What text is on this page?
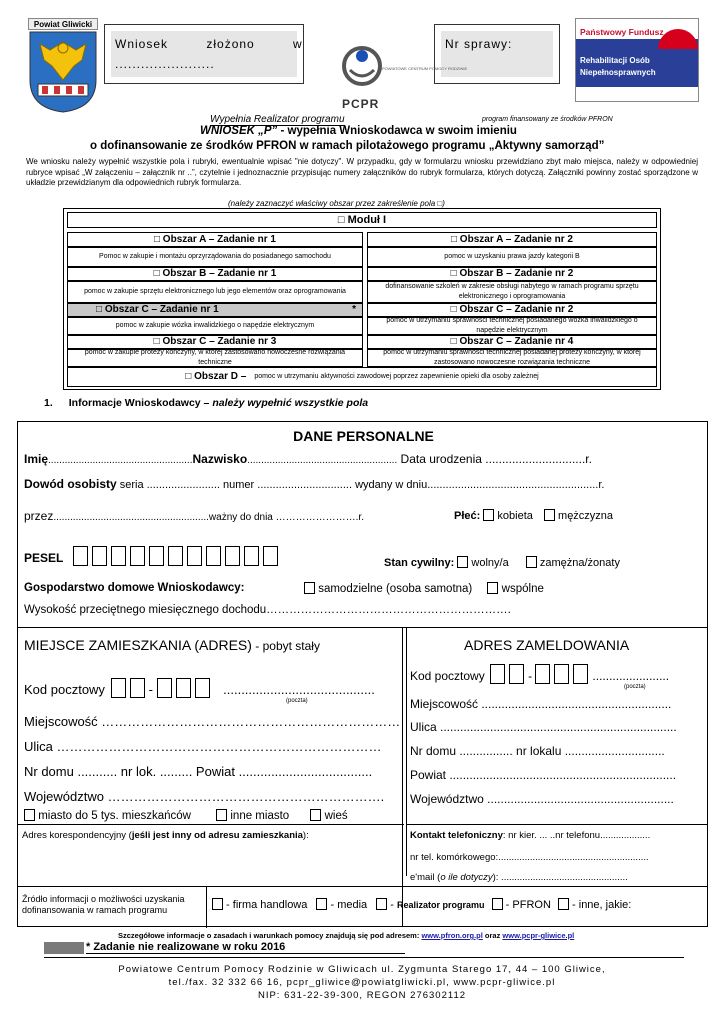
Powiat Gliwicki
Wniosek złożono w
.......................
Nr sprawy:
POWIATOWE CENTRUM POMOCY RODZINIE
PCPR
Państwowy Fundusz
Rehabilitacji Osób
Niepełnosprawnych
Wypełnia Realizator programu	program finansowany ze środków PFRON
WNIOSEK „P” - wypełnia Wnioskodawca w swoim imieniu
o dofinansowanie ze środków PFRON w ramach pilotażowego programu „Aktywny samorząd”
We wniosku należy wypełnić wszystkie pola i rubryki, ewentualnie wpisać "nie dotyczy". W przypadku, gdy w formularzu wniosku przewidziano zbyt mało miejsca, należy w odpowiedniej rubryce wpisać „W załączeniu – załącznik nr ..”, czytelnie i jednoznacznie przypisując numery załączników do rubryk formularza, których dotyczą. Załączniki powinny zostać sporządzone w układzie przewidzianym dla odpowiednich rubryk formularza.
(należy zaznaczyć właściwy obszar przez zakreślenie pola □)
□ Moduł I
□ Obszar A – Zadanie nr 1	□ Obszar A – Zadanie nr 2
Pomoc w zakupie i montażu oprzyrządowania do posiadanego samochodu	pomoc w uzyskaniu prawa jazdy kategorii B
□ Obszar B – Zadanie nr 1	□ Obszar B – Zadanie nr 2
pomoc w zakupie sprzętu elektronicznego lub jego elementów oraz oprogramowania
dofinansowanie szkoleń w zakresie obsługi nabytego w ramach programu sprzętu elektronicznego i oprogramowania
□ Obszar C – Zadanie nr 1	*	□ Obszar C – Zadanie nr 2
pomoc w zakupie wózka inwalidzkiego o napędzie elektrycznym
pomoc w utrzymaniu sprawności technicznej posiadanego wózka inwalidzkiego o napędzie elektrycznym
□ Obszar C – Zadanie nr 3	□ Obszar C – Zadanie nr 4
pomoc w zakupie protezy kończyny, w której zastosowano nowoczesne rozwiązania techniczne
pomoc w utrzymaniu sprawności technicznej posiadanej protezy kończyny, w której zastosowano nowoczesne rozwiązania techniczne
□ Obszar D – pomoc w utrzymaniu aktywności zawodowej poprzez zapewnienie opieki dla osoby zależnej
1. Informacje Wnioskodawcy – należy wypełnić wszystkie pola
DANE PERSONALNE
Imię....................................................Nazwisko...................................................... Data urodzenia ..............................r.
Dowód osobisty seria ........................ numer ............................... wydany w dniu........................................................r.
przez........................................................ważny do dnia …………………….r.	Płeć: kobieta mężczyzna
PESEL	Stan cywilny: wolny/a	zamężna/żonaty
Gospodarstwo domowe Wnioskodawcy:	samodzielne (osoba samotna)	wspólne
Wysokość przeciętnego miesięcznego dochodu……………………………………………………….
MIEJSCE ZAMIESZKANIA (ADRES) - pobyt stały
Kod pocztowy	-	..........................................
(poczta)
Miejscowość ……………………………………………………………
Ulica …………………………………………………………………
Nr domu ........... nr lok. ......... Powiat .....................................
Województwo ……………………………………………………….
miasto do 5 tys. mieszkańców	inne miasto	wieś
ADRES ZAMELDOWANIA
Kod pocztowy	-	.......................
(poczta)
Miejscowość .........................................................
Ulica .......................................................................
Nr domu ................ nr lokalu ..............................
Powiat ....................................................................
Województwo ........................................................
Adres korespondencyjny (jeśli jest inny od adresu zamieszkania):	Kontakt telefoniczny: nr kier. ... ..nr telefonu...................
nr tel. komórkowego:.........................................................
e'mail (o ile dotyczy): ................................................
Źródło informacji o możliwości uzyskania dofinansowania w ramach programu	- firma handlowa  - media  - Realizator programu  - PFRON  - inne, jakie:
Szczegółowe informacje o zasadach i warunkach pomocy znajdują się pod adresem: www.pfron.org.pl oraz www.pcpr-gliwice.pl
* Zadanie nie realizowane w roku 2016
Powiatowe Centrum Pomocy Rodzinie w Gliwicach ul. Zygmunta Starego 17, 44 – 100 Gliwice,
tel./fax. 32 332 66 16, pcpr_gliwice@powiatgliwicki.pl, www.pcpr-gliwice.pl
NIP: 631-22-39-300, REGON 276302112
